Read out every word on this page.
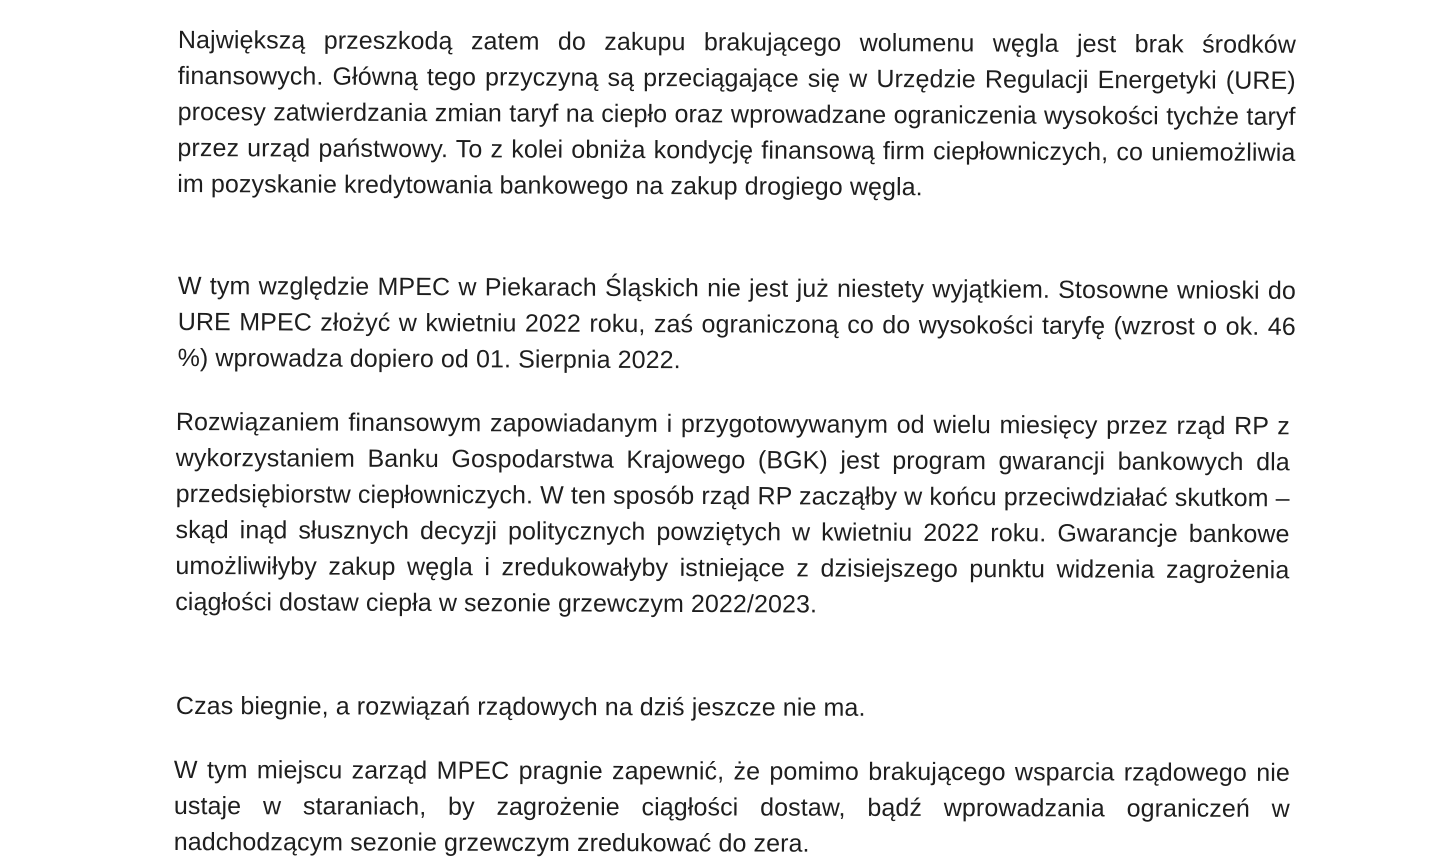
Największą przeszkodą zatem do zakupu brakującego wolumenu węgla jest brak środków finansowych. Główną tego przyczyną są przeciągające się w Urzędzie Regulacji Energetyki (URE) procesy zatwierdzania zmian taryf na ciepło oraz wprowadzane ograniczenia wysokości tychże taryf przez urząd państwowy. To z kolei obniża kondycję finansową firm ciepłowniczych, co uniemożliwia im pozyskanie kredytowania bankowego na zakup drogiego węgla.

W tym względzie MPEC w Piekarach Śląskich nie jest już niestety wyjątkiem. Stosowne wnioski do URE MPEC złożyć w kwietniu 2022 roku, zaś ograniczoną co do wysokości taryfę (wzrost o ok. 46 %) wprowadza dopiero od 01. Sierpnia 2022.

Rozwiązaniem finansowym zapowiadanym i przygotowywanym od wielu miesięcy przez rząd RP z wykorzystaniem Banku Gospodarstwa Krajowego (BGK) jest program gwarancji bankowych dla przedsiębiorstw ciepłowniczych. W ten sposób rząd RP zacząłby w końcu przeciwdziałać skutkom – skąd inąd słusznych decyzji politycznych powziętych w kwietniu 2022 roku. Gwarancje bankowe umożliwiłyby zakup węgla i zredukowałyby istniejące z dzisiejszego punktu widzenia zagrożenia ciągłości dostaw ciepła w sezonie grzewczym 2022/2023.

Czas biegnie, a rozwiązań rządowych na dziś jeszcze nie ma.

W tym miejscu zarząd MPEC pragnie zapewnić, że pomimo brakującego wsparcia rządowego nie ustaje w staraniach, by zagrożenie ciągłości dostaw, bądź wprowadzania ograniczeń w nadchodzącym sezonie grzewczym zredukować do zera.
